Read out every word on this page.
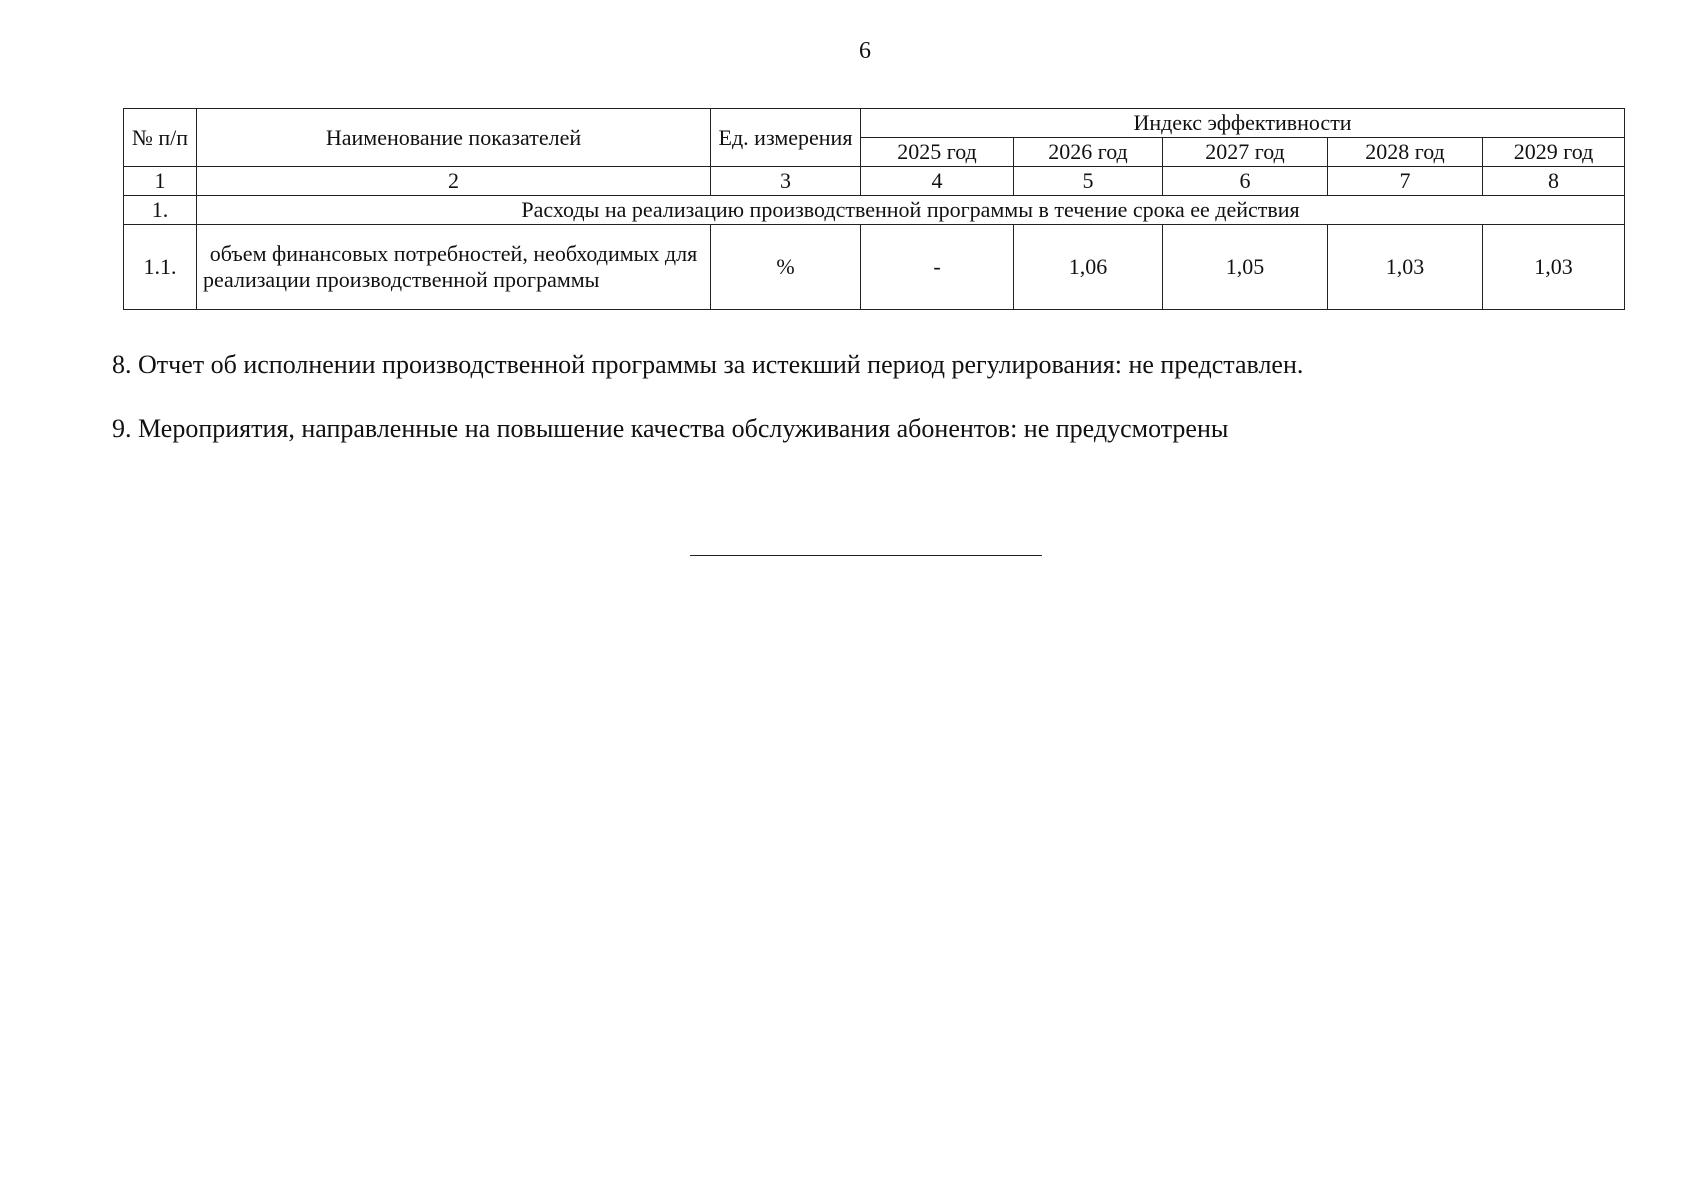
6
№ п/п	Наименование показателей	Ед. измерения	Индекс эффективности				
			2025 год	2026 год	2027 год	2028 год	2029 год
1	2	3	4	5	6	7	8
1.	Расходы на реализацию производственной программы в течение срока ее действия						
1.1.	объем финансовых потребностей, необходимых для реализации производственной программы	%	-	1,06	1,05	1,03	1,03
8. Отчет об исполнении производственной программы за истекший период регулирования: не представлен.
9. Мероприятия, направленные на повышение качества обслуживания абонентов: не предусмотрены
